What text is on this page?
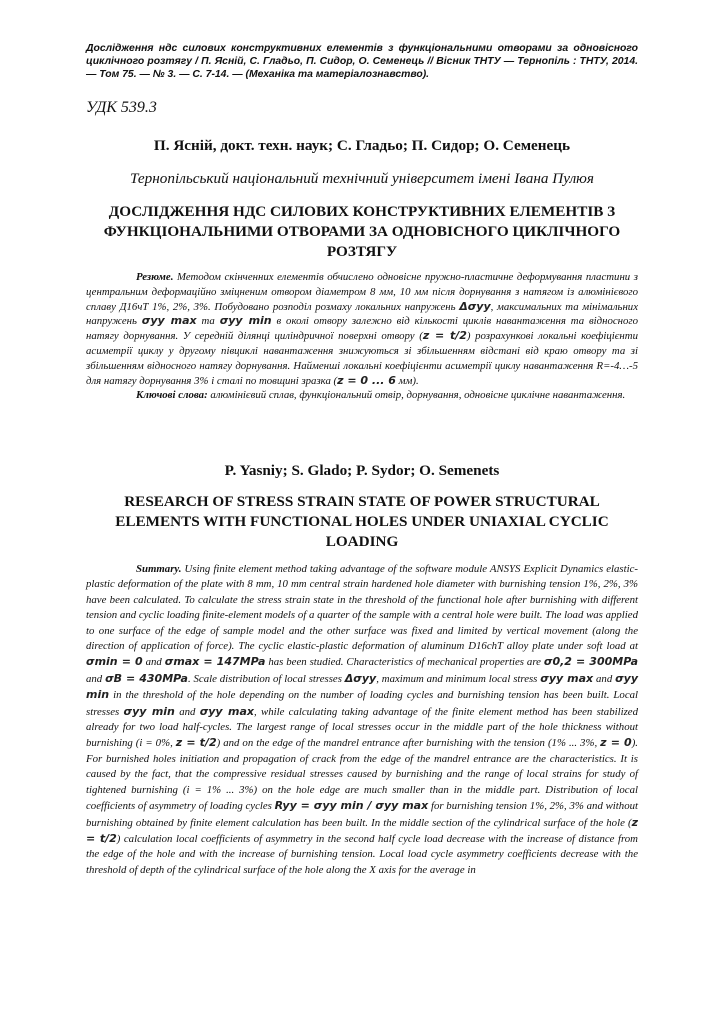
Дослідження ндс силових конструктивних елементів з функціональними отворами за одновісного циклічного розтягу / П. Ясній, С. Гладьо, П. Сидор, О. Семенець // Вісник ТНТУ — Тернопіль : ТНТУ, 2014. — Том 75. — № 3. — С. 7-14. — (Механіка та матеріалознавство).
УДК 539.3
П. Ясній, докт. техн. наук; С. Гладьо; П. Сидор; О. Семенець
Тернопільський національний технічний університет імені Івана Пулюя
ДОСЛІДЖЕННЯ НДС СИЛОВИХ КОНСТРУКТИВНИХ ЕЛЕМЕНТІВ З ФУНКЦІОНАЛЬНИМИ ОТВОРАМИ ЗА ОДНОВІСНОГО ЦИКЛІЧНОГО РОЗТЯГУ
Резюме. Методом скінченних елементів обчислено одновісне пружно-пластичне деформування пластини з центральним деформаційно зміцненим отвором діаметром 8 мм, 10 мм після дорнування з натягом із алюмінієвого сплаву Д16чТ 1%, 2%, 3%. Побудовано розподіл розмаху локальних напружень Δσyy, максимальних та мінімальних напружень σyy max та σyy min в околі отвору залежно від кількості циклів навантаження та відносного натягу дорнування. У середній ділянці циліндричної поверхні отвору (z = t/2) розрахункові локальні коефіцієнти асиметрії циклу у другому півциклі навантаження знижуються зі збільшенням відстані від краю отвору та зі збільшенням відносного натягу дорнування. Найменші локальні коефіцієнти асиметрії циклу навантаження R=-4…-5 для натягу дорнування 3% і сталі по товщині зразка (z = 0 ... 6 мм).
Ключові слова: алюмінієвий сплав, функціональний отвір, дорнування, одновісне циклічне навантаження.
P. Yasniy; S. Glado; P. Sydor; O. Semenets
RESEARCH OF STRESS STRAIN STATE OF POWER STRUCTURAL ELEMENTS WITH FUNCTIONAL HOLES UNDER UNIAXIAL CYCLIC LOADING
Summary. Using finite element method taking advantage of the software module ANSYS Explicit Dynamics elastic-plastic deformation of the plate with 8 mm, 10 mm central strain hardened hole diameter with burnishing tension 1%, 2%, 3% have been calculated. To calculate the stress strain state in the threshold of the functional hole after burnishing with different tension and cyclic loading finite-element models of a quarter of the sample with a central hole were built. The load was applied to one surface of the edge of sample model and the other surface was fixed and limited by vertical movement (along the direction of application of force). The cyclic elastic-plastic deformation of aluminum D16chT alloy plate under soft load at σmin = 0 and σmax = 147MPa has been studied. Characteristics of mechanical properties are σ0,2 = 300MPa and σB = 430MPa. Scale distribution of local stresses Δσyy, maximum and minimum local stress σyy max and σyy min in the threshold of the hole depending on the number of loading cycles and burnishing tension has been built. Local stresses σyy min and σyy max, while calculating taking advantage of the finite element method has been stabilized already for two load half-cycles. The largest range of local stresses occur in the middle part of the hole thickness without burnishing (i = 0%, z = t/2) and on the edge of the mandrel entrance after burnishing with the tension (1% ... 3%, z = 0). For burnished holes initiation and propagation of crack from the edge of the mandrel entrance are the characteristics. It is caused by the fact, that the compressive residual stresses caused by burnishing and the range of local strains for study of tightened burnishing (i = 1% ... 3%) on the hole edge are much smaller than in the middle part. Distribution of local coefficients of asymmetry of loading cycles Ryy = σyy min / σyy max for burnishing tension 1%, 2%, 3% and without burnishing obtained by finite element calculation has been built. In the middle section of the cylindrical surface of the hole (z = t/2) calculation local coefficients of asymmetry in the second half cycle load decrease with the increase of distance from the edge of the hole and with the increase of burnishing tension. Local load cycle asymmetry coefficients decrease with the threshold of depth of the cylindrical surface of the hole along the X axis for the average in
